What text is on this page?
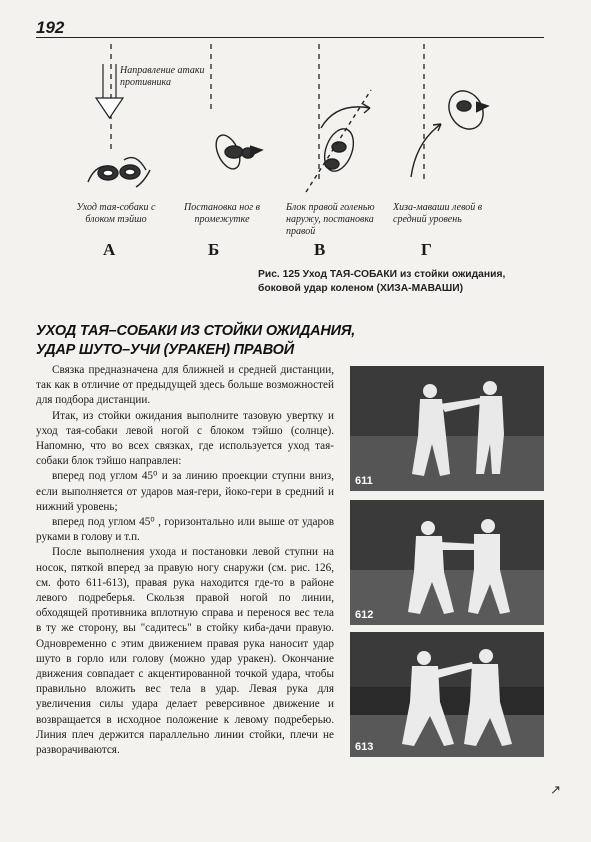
192
Направление атаки противника
Уход тая-собаки с блоком тэйшо
Постановка ног в промежутке
Блок правой голенью наружу, постановка правой
Хиза-маваши левой в средний уровень
А	Б	В	Г
Рис. 125 Уход ТАЯ-СОБАКИ из стойки ожидания, боковой удар коленом (ХИЗА-МАВАШИ)
УХОД ТАЯ–СОБАКИ ИЗ СТОЙКИ ОЖИДАНИЯ, УДАР ШУТО–УЧИ (УРАКЕН) ПРАВОЙ

Связка предназначена для ближней и средней дистанции, так как в отличие от предыдущей здесь больше возможностей для подбора дистанции.

Итак, из стойки ожидания выполните тазовую увертку и уход тая-собаки левой ногой с блоком тэйшо (солнце). Напомню, что во всех связках, где используется уход тая-собаки блок тэйшо направлен:

вперед под углом 45⁰ и за линию проекции ступни вниз, если выполняется от ударов мая-гери, йоко-гери в средний и нижний уровень;

вперед под углом 45⁰ , горизонтально или выше от ударов руками в голову и т.п.

После выполнения ухода и постановки левой ступни на носок, пяткой вперед за правую ногу снаружи (см. рис. 126, см. фото 611-613), правая рука находится где-то в районе левого подреберья. Скользя правой ногой по линии, обходящей противника вплотную справа и перенося вес тела в ту же сторону, вы "садитесь" в стойку киба-дачи правую. Одновременно с этим движением правая рука наносит удар шуто в горло или голову (можно удар уракен). Окончание движения совпадает с акцентированной точкой удара, чтобы правильно вложить вес тела в удар. Левая рука для увеличения силы удара делает реверсивное движение и возвращается в исходное положение к левому подреберью. Линия плеч держится параллельно линии стойки, плечи не разворачиваются.

611
612
613
↗
